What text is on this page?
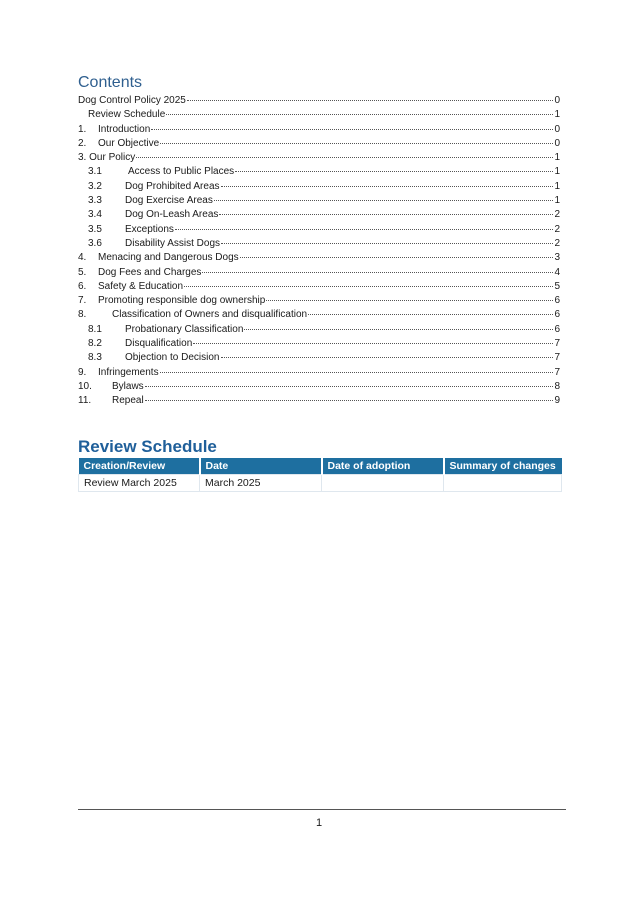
Contents
Dog Control Policy 2025	0
Review Schedule	1
1.	Introduction	0
2.	Our Objective	0
3. Our Policy	1
3.1	Access to Public Places	1
3.2	Dog Prohibited Areas	1
3.3	Dog Exercise Areas	1
3.4	Dog On-Leash Areas	2
3.5	Exceptions	2
3.6	Disability Assist Dogs	2
4.	Menacing and Dangerous Dogs	3
5.	Dog Fees and Charges	4
6.	Safety & Education	5
7.	Promoting responsible dog ownership	6
8.	Classification of Owners and disqualification	6
8.1	Probationary Classification	6
8.2	Disqualification	7
8.3	Objection to Decision	7
9.	Infringements	7
10.	Bylaws	8
11.	Repeal	9
Review Schedule
Creation/Review	Date	Date of adoption	Summary of changes
Review March 2025	March 2025		
1
